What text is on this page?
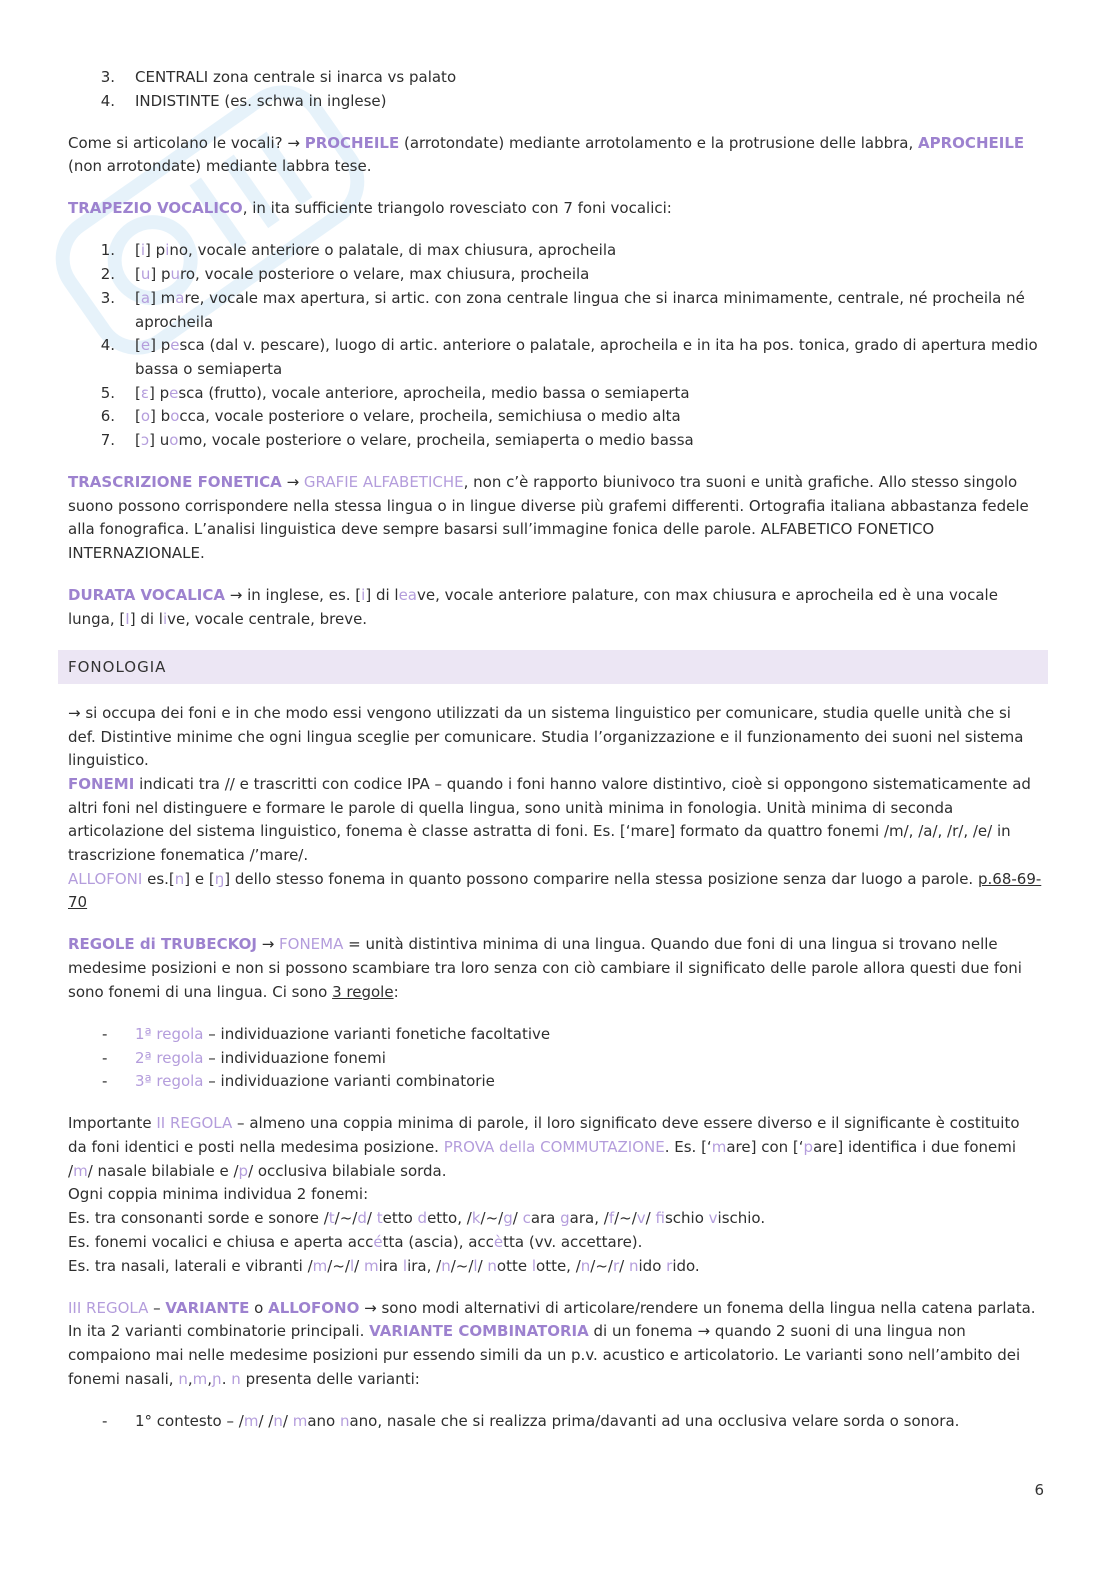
3.	CENTRALI zona centrale si inarca vs palato
4.	INDISTINTE (es. schwa in inglese)
Come si articolano le vocali? → PROCHEILE (arrotondate) mediante arrotolamento e la protrusione delle labbra, APROCHEILE (non arrotondate) mediante labbra tese.
TRAPEZIO VOCALICO, in ita sufficiente triangolo rovesciato con 7 foni vocalici:
1.	[i] pino, vocale anteriore o palatale, di max chiusura, aprocheila
2.	[u] puro, vocale posteriore o velare, max chiusura, procheila
3.	[a] mare, vocale max apertura, si artic. con zona centrale lingua che si inarca minimamente, centrale, né procheila né aprocheila
4.	[e] pesca (dal v. pescare), luogo di artic. anteriore o palatale, aprocheila e in ita ha pos. tonica, grado di apertura medio bassa o semiaperta
5.	[ɛ] pesca (frutto), vocale anteriore, aprocheila, medio bassa o semiaperta
6.	[o] bocca, vocale posteriore o velare, procheila, semichiusa o medio alta
7.	[ɔ] uomo, vocale posteriore o velare, procheila, semiaperta o medio bassa
TRASCRIZIONE FONETICA → GRAFIE ALFABETICHE, non c’è rapporto biunivoco tra suoni e unità grafiche. Allo stesso singolo suono possono corrispondere nella stessa lingua o in lingue diverse più grafemi differenti. Ortografia italiana abbastanza fedele alla fonografica. L’analisi linguistica deve sempre basarsi sull’immagine fonica delle parole. ALFABETICO FONETICO INTERNAZIONALE.
DURATA VOCALICA → in inglese, es. [i] di leave, vocale anteriore palature, con max chiusura e aprocheila ed è una vocale lunga, [I] di live, vocale centrale, breve.
FONOLOGIA
→ si occupa dei foni e in che modo essi vengono utilizzati da un sistema linguistico per comunicare, studia quelle unità che si def. Distintive minime che ogni lingua sceglie per comunicare. Studia l’organizzazione e il funzionamento dei suoni nel sistema linguistico.
FONEMI indicati tra // e trascritti con codice IPA – quando i foni hanno valore distintivo, cioè si oppongono sistematicamente ad altri foni nel distinguere e formare le parole di quella lingua, sono unità minima in fonologia. Unità minima di seconda articolazione del sistema linguistico, fonema è classe astratta di foni. Es. [‘mare] formato da quattro fonemi /m/, /a/, /r/, /e/ in trascrizione fonematica /’mare/.
ALLOFONI es.[n] e [ŋ] dello stesso fonema in quanto possono comparire nella stessa posizione senza dar luogo a parole. p.68-69-70
REGOLE di TRUBECKOJ → FONEMA = unità distintiva minima di una lingua. Quando due foni di una lingua si trovano nelle medesime posizioni e non si possono scambiare tra loro senza con ciò cambiare il significato delle parole allora questi due foni sono fonemi di una lingua. Ci sono 3 regole:
-	1ª regola – individuazione varianti fonetiche facoltative
-	2ª regola – individuazione fonemi
-	3ª regola – individuazione varianti combinatorie
Importante II REGOLA – almeno una coppia minima di parole, il loro significato deve essere diverso e il significante è costituito da foni identici e posti nella medesima posizione. PROVA della COMMUTAZIONE. Es. [‘mare] con [‘pare] identifica i due fonemi /m/ nasale bilabiale e /p/ occlusiva bilabiale sorda.
Ogni coppia minima individua 2 fonemi:
Es. tra consonanti sorde e sonore /t/~/d/ tetto detto, /k/~/g/ cara gara, /f/~/v/ fischio vischio.
Es. fonemi vocalici e chiusa e aperta accétta (ascia), accètta (vv. accettare).
Es. tra nasali, laterali e vibranti /m/~/l/ mira lira, /n/~/l/ notte lotte, /n/~/r/ nido rido.
III REGOLA – VARIANTE o ALLOFONO → sono modi alternativi di articolare/rendere un fonema della lingua nella catena parlata. In ita 2 varianti combinatorie principali. VARIANTE COMBINATORIA di un fonema → quando 2 suoni di una lingua non compaiono mai nelle medesime posizioni pur essendo simili da un p.v. acustico e articolatorio. Le varianti sono nell’ambito dei fonemi nasali, n,m,ɲ. n presenta delle varianti:
-	1° contesto – /m/ /n/ mano nano, nasale che si realizza prima/davanti ad una occlusiva velare sorda o sonora.
6
